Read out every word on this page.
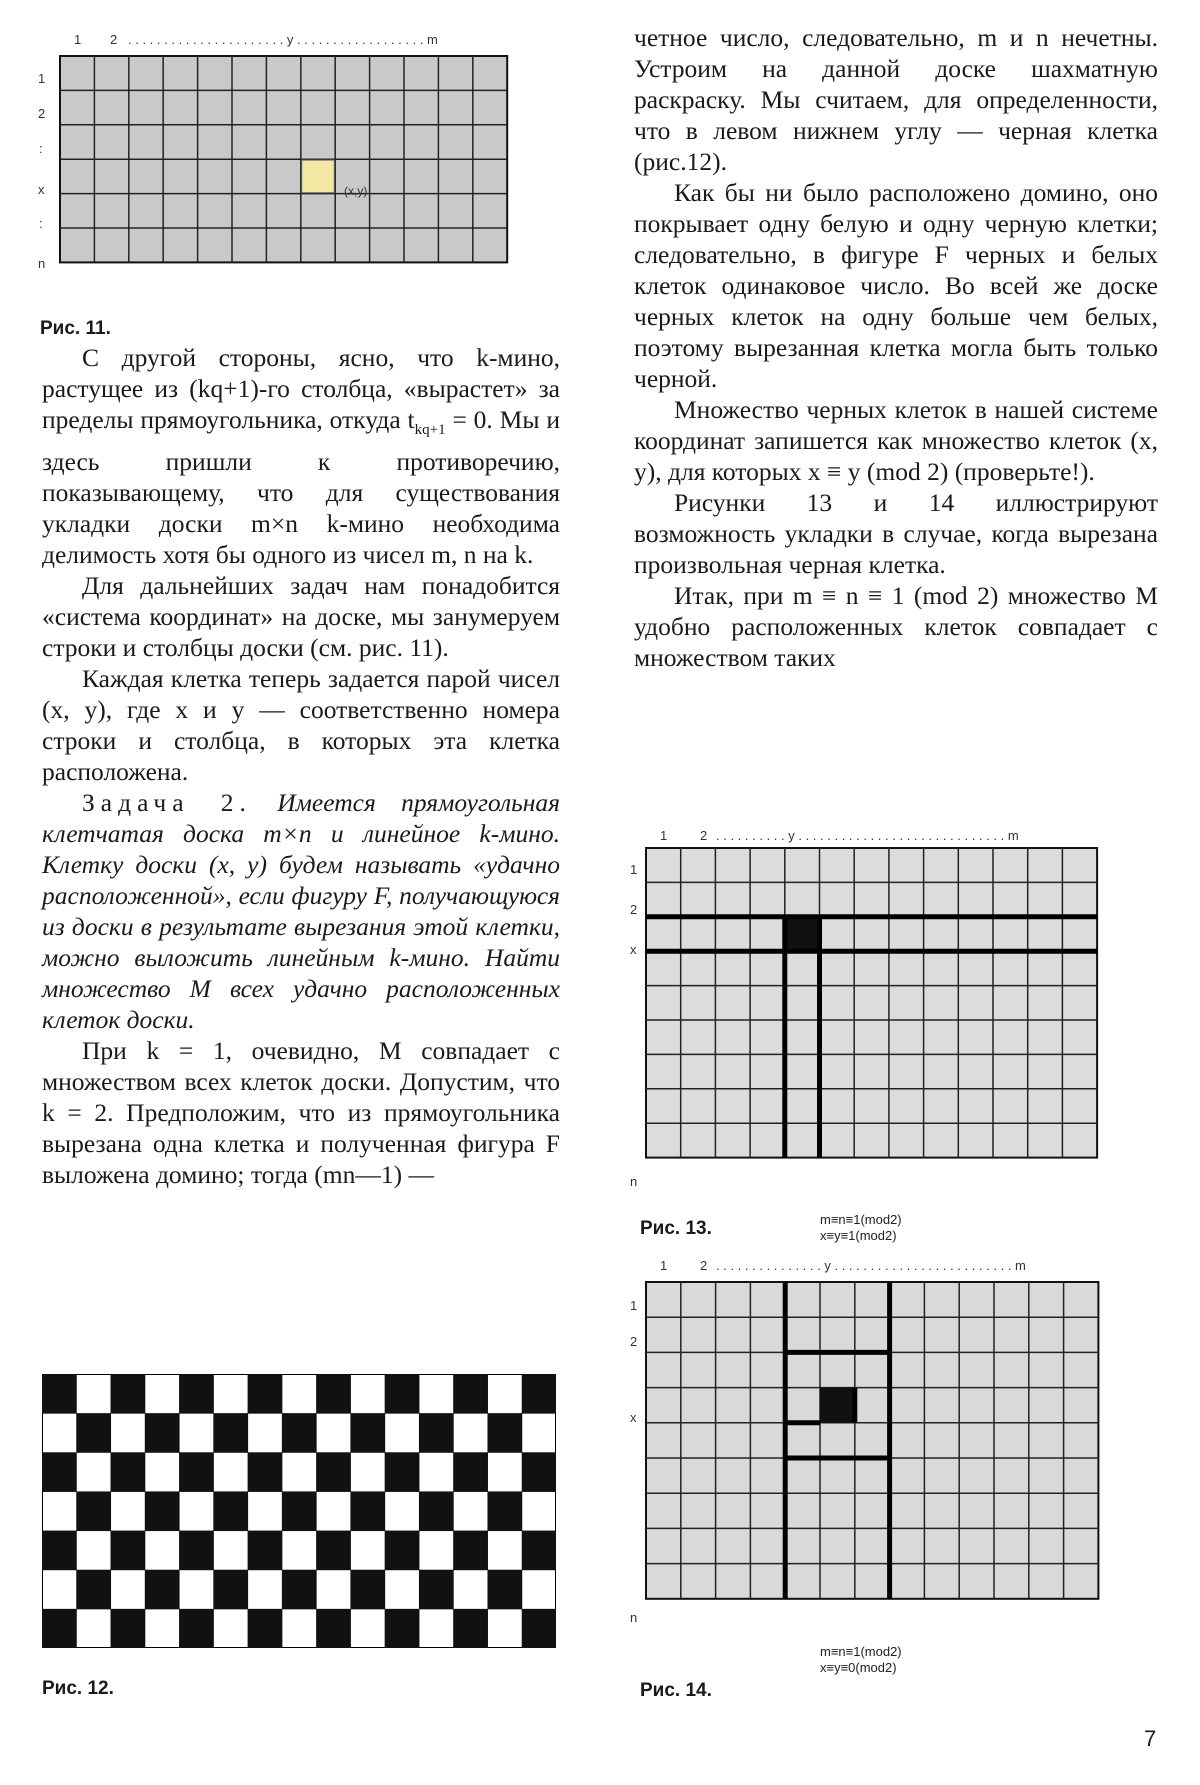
1 2 . . . . . . . . . . . . . . . . . . . . . . y . . . . . . . . . . . . . . . . . . m
1
2
:
x
:
n
(x,y)
Рис. 11.

С другой стороны, ясно, что k-мино, растущее из (kq+1)-го столбца, «вырастет» за пределы прямоугольника, откуда $t_{kq+1} = 0$. Мы и здесь пришли к противоречию, показывающему, что для существования укладки доски m×n k-мино необходима делимость хотя бы одного из чисел m, n на k.

Для дальнейших задач нам понадобится «система координат» на доске, мы занумеруем строки и столбцы доски (см. рис. 11).

Каждая клетка теперь задается парой чисел (x, y), где x и y — соответственно номера строки и столбца, в которых эта клетка расположена.

Задача 2. Имеется прямоугольная клетчатая доска m×n и линейное k-мино. Клетку доски (x, y) будем называть «удачно расположенной», если фигуру F, получающуюся из доски в результате вырезания этой клетки, можно выложить линейным k-мино. Найти множество M всех удачно расположенных клеток доски.

При k = 1, очевидно, M совпадает с множеством всех клеток доски. Допустим, что k = 2. Предположим, что из прямоугольника вырезана одна клетка и полученная фигура F выложена домино; тогда (mn—1) —

Рис. 12.

четное число, следовательно, m и n нечетны. Устроим на данной доске шахматную раскраску. Мы считаем, для определенности, что в левом нижнем углу — черная клетка (рис.12).

Как бы ни было расположено домино, оно покрывает одну белую и одну черную клетки; следовательно, в фигуре F черных и белых клеток одинаковое число. Во всей же доске черных клеток на одну больше чем белых, поэтому вырезанная клетка могла быть только черной.

Множество черных клеток в нашей системе координат запишется как множество клеток (x, y), для которых x ≡ y (mod 2) (проверьте!).

Рисунки 13 и 14 иллюстрируют возможность укладки в случае, когда вырезана произвольная черная клетка.

Итак, при m ≡ n ≡ 1 (mod 2) множество M удобно расположенных клеток совпадает с множеством таких

1	2 . . . . . . . . . . y . . . . . . . . . . . . . . . . . . . . . . . . . . . . . m
1
2
x
n
Рис. 13.	m≡n≡1(mod2)
x≡y≡1(mod2)
1	2 . . . . . . . . . . . . . . . y . . . . . . . . . . . . . . . . . . . . . . . . . m
1
2
x
n
m≡n≡1(mod2)
x≡y≡0(mod2)
Рис. 14.
7
